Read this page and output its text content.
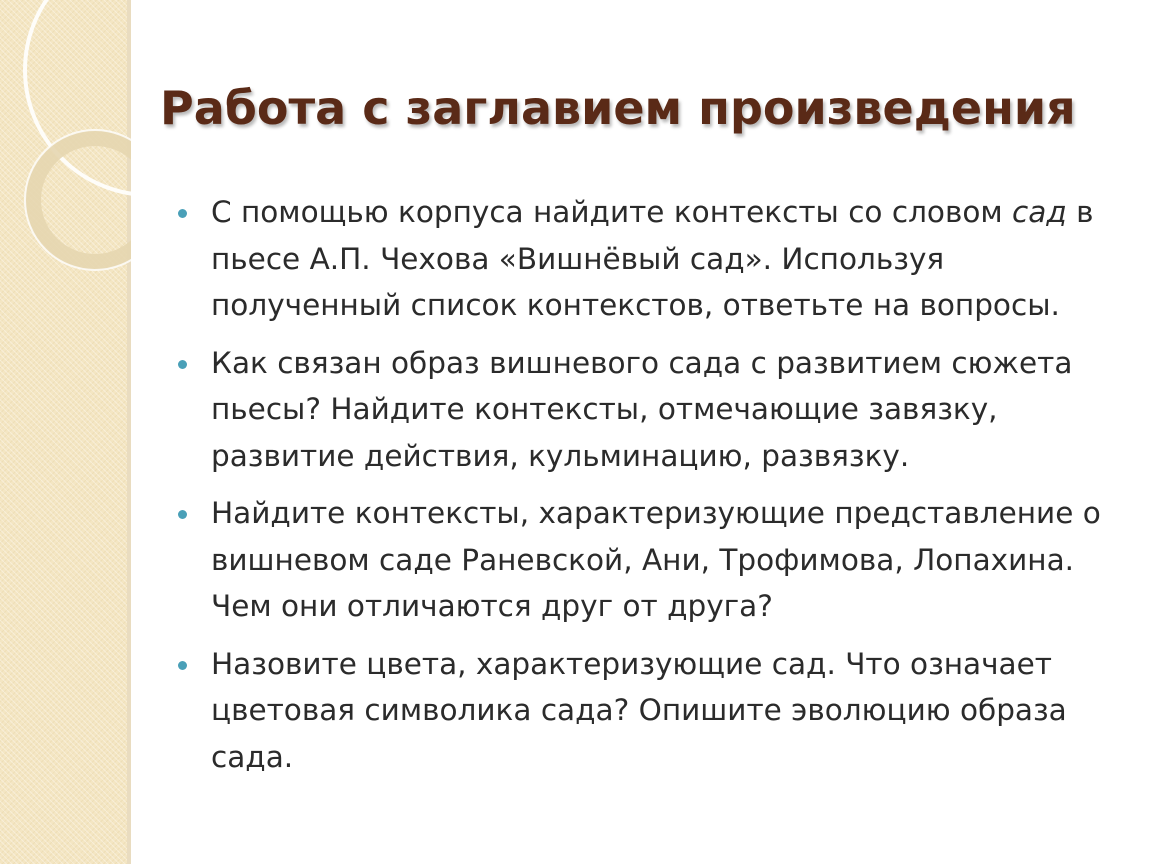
Работа с заглавием произведения
С помощью корпуса найдите контексты со словом сад в пьесе А.П. Чехова «Вишнёвый сад». Используя полученный список контекстов, ответьте на вопросы.
Как связан образ вишневого сада с развитием сюжета пьесы? Найдите контексты, отмечающие завязку, развитие действия, кульминацию, развязку.
Найдите контексты, характеризующие представление о вишневом саде Раневской, Ани, Трофимова, Лопахина. Чем они отличаются друг от друга?
Назовите цвета, характеризующие сад. Что означает цветовая символика сада? Опишите эволюцию образа сада.
